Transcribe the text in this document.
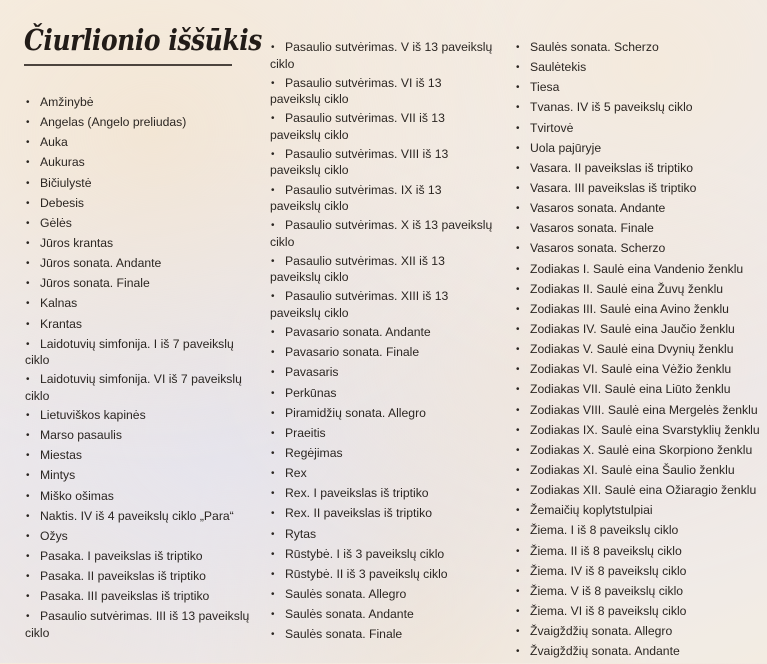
Čiurlionio iššūkis
• Amžinybė
• Angelas (Angelo preliudas)
• Auka
• Aukuras
• Bičiulystė
• Debesis
• Gėlės
• Jūros krantas
• Jūros sonata. Andante
• Jūros sonata. Finale
• Kalnas
• Krantas
• Laidotuvių simfonija. I iš 7 paveikslų ciklo
• Laidotuvių simfonija. VI iš 7 paveikslų ciklo
• Lietuviškos kapinės
• Marso pasaulis
• Miestas
• Mintys
• Miško ošimas
• Naktis. IV iš 4 paveikslų ciklo „Para“
• Ožys
• Pasaka. I paveikslas iš triptiko
• Pasaka. II paveikslas iš triptiko
• Pasaka. III paveikslas iš triptiko
• Pasaulio sutvėrimas. III iš 13 paveikslų ciklo
• Pasaulio sutvėrimas. V iš 13 paveikslų ciklo
• Pasaulio sutvėrimas. VI iš 13 paveikslų ciklo
• Pasaulio sutvėrimas. VII iš 13 paveikslų ciklo
• Pasaulio sutvėrimas. VIII iš 13 paveikslų ciklo
• Pasaulio sutvėrimas. IX iš 13 paveikslų ciklo
• Pasaulio sutvėrimas. X iš 13 paveikslų ciklo
• Pasaulio sutvėrimas. XII iš 13 paveikslų ciklo
• Pasaulio sutvėrimas. XIII iš 13 paveikslų ciklo
• Pavasario sonata. Andante
• Pavasario sonata. Finale
• Pavasaris
• Perkūnas
• Piramidžių sonata. Allegro
• Praeitis
• Regėjimas
• Rex
• Rex. I paveikslas iš triptiko
• Rex. II paveikslas iš triptiko
• Rytas
• Rūstybė. I iš 3 paveikslų ciklo
• Rūstybė. II iš 3 paveikslų ciklo
• Saulės sonata. Allegro
• Saulės sonata. Andante
• Saulės sonata. Finale
• Saulės sonata. Scherzo
• Saulėtekis
• Tiesa
• Tvanas. IV iš 5 paveikslų ciklo
• Tvirtovė
• Uola pajūryje
• Vasara. II paveikslas iš triptiko
• Vasara. III paveikslas iš triptiko
• Vasaros sonata. Andante
• Vasaros sonata. Finale
• Vasaros sonata. Scherzo
• Zodiakas I. Saulė eina Vandenio ženklu
• Zodiakas II. Saulė eina Žuvų ženklu
• Zodiakas III. Saulė eina Avino ženklu
• Zodiakas IV. Saulė eina Jaučio ženklu
• Zodiakas V. Saulė eina Dvynių ženklu
• Zodiakas VI. Saulė eina Vėžio ženklu
• Zodiakas VII. Saulė eina Liūto ženklu
• Zodiakas VIII. Saulė eina Mergelės ženklu
• Zodiakas IX. Saulė eina Svarstyklių ženklu
• Zodiakas X. Saulė eina Skorpiono ženklu
• Zodiakas XI. Saulė eina Šaulio ženklu
• Zodiakas XII. Saulė eina Ožiaragio ženklu
• Žemaičių koplytstulpiai
• Žiema. I iš 8 paveikslų ciklo
• Žiema. II iš 8 paveikslų ciklo
• Žiema. IV iš 8 paveikslų ciklo
• Žiema. V iš 8 paveikslų ciklo
• Žiema. VI iš 8 paveikslų ciklo
• Žvaigždžių sonata. Allegro
• Žvaigždžių sonata. Andante
